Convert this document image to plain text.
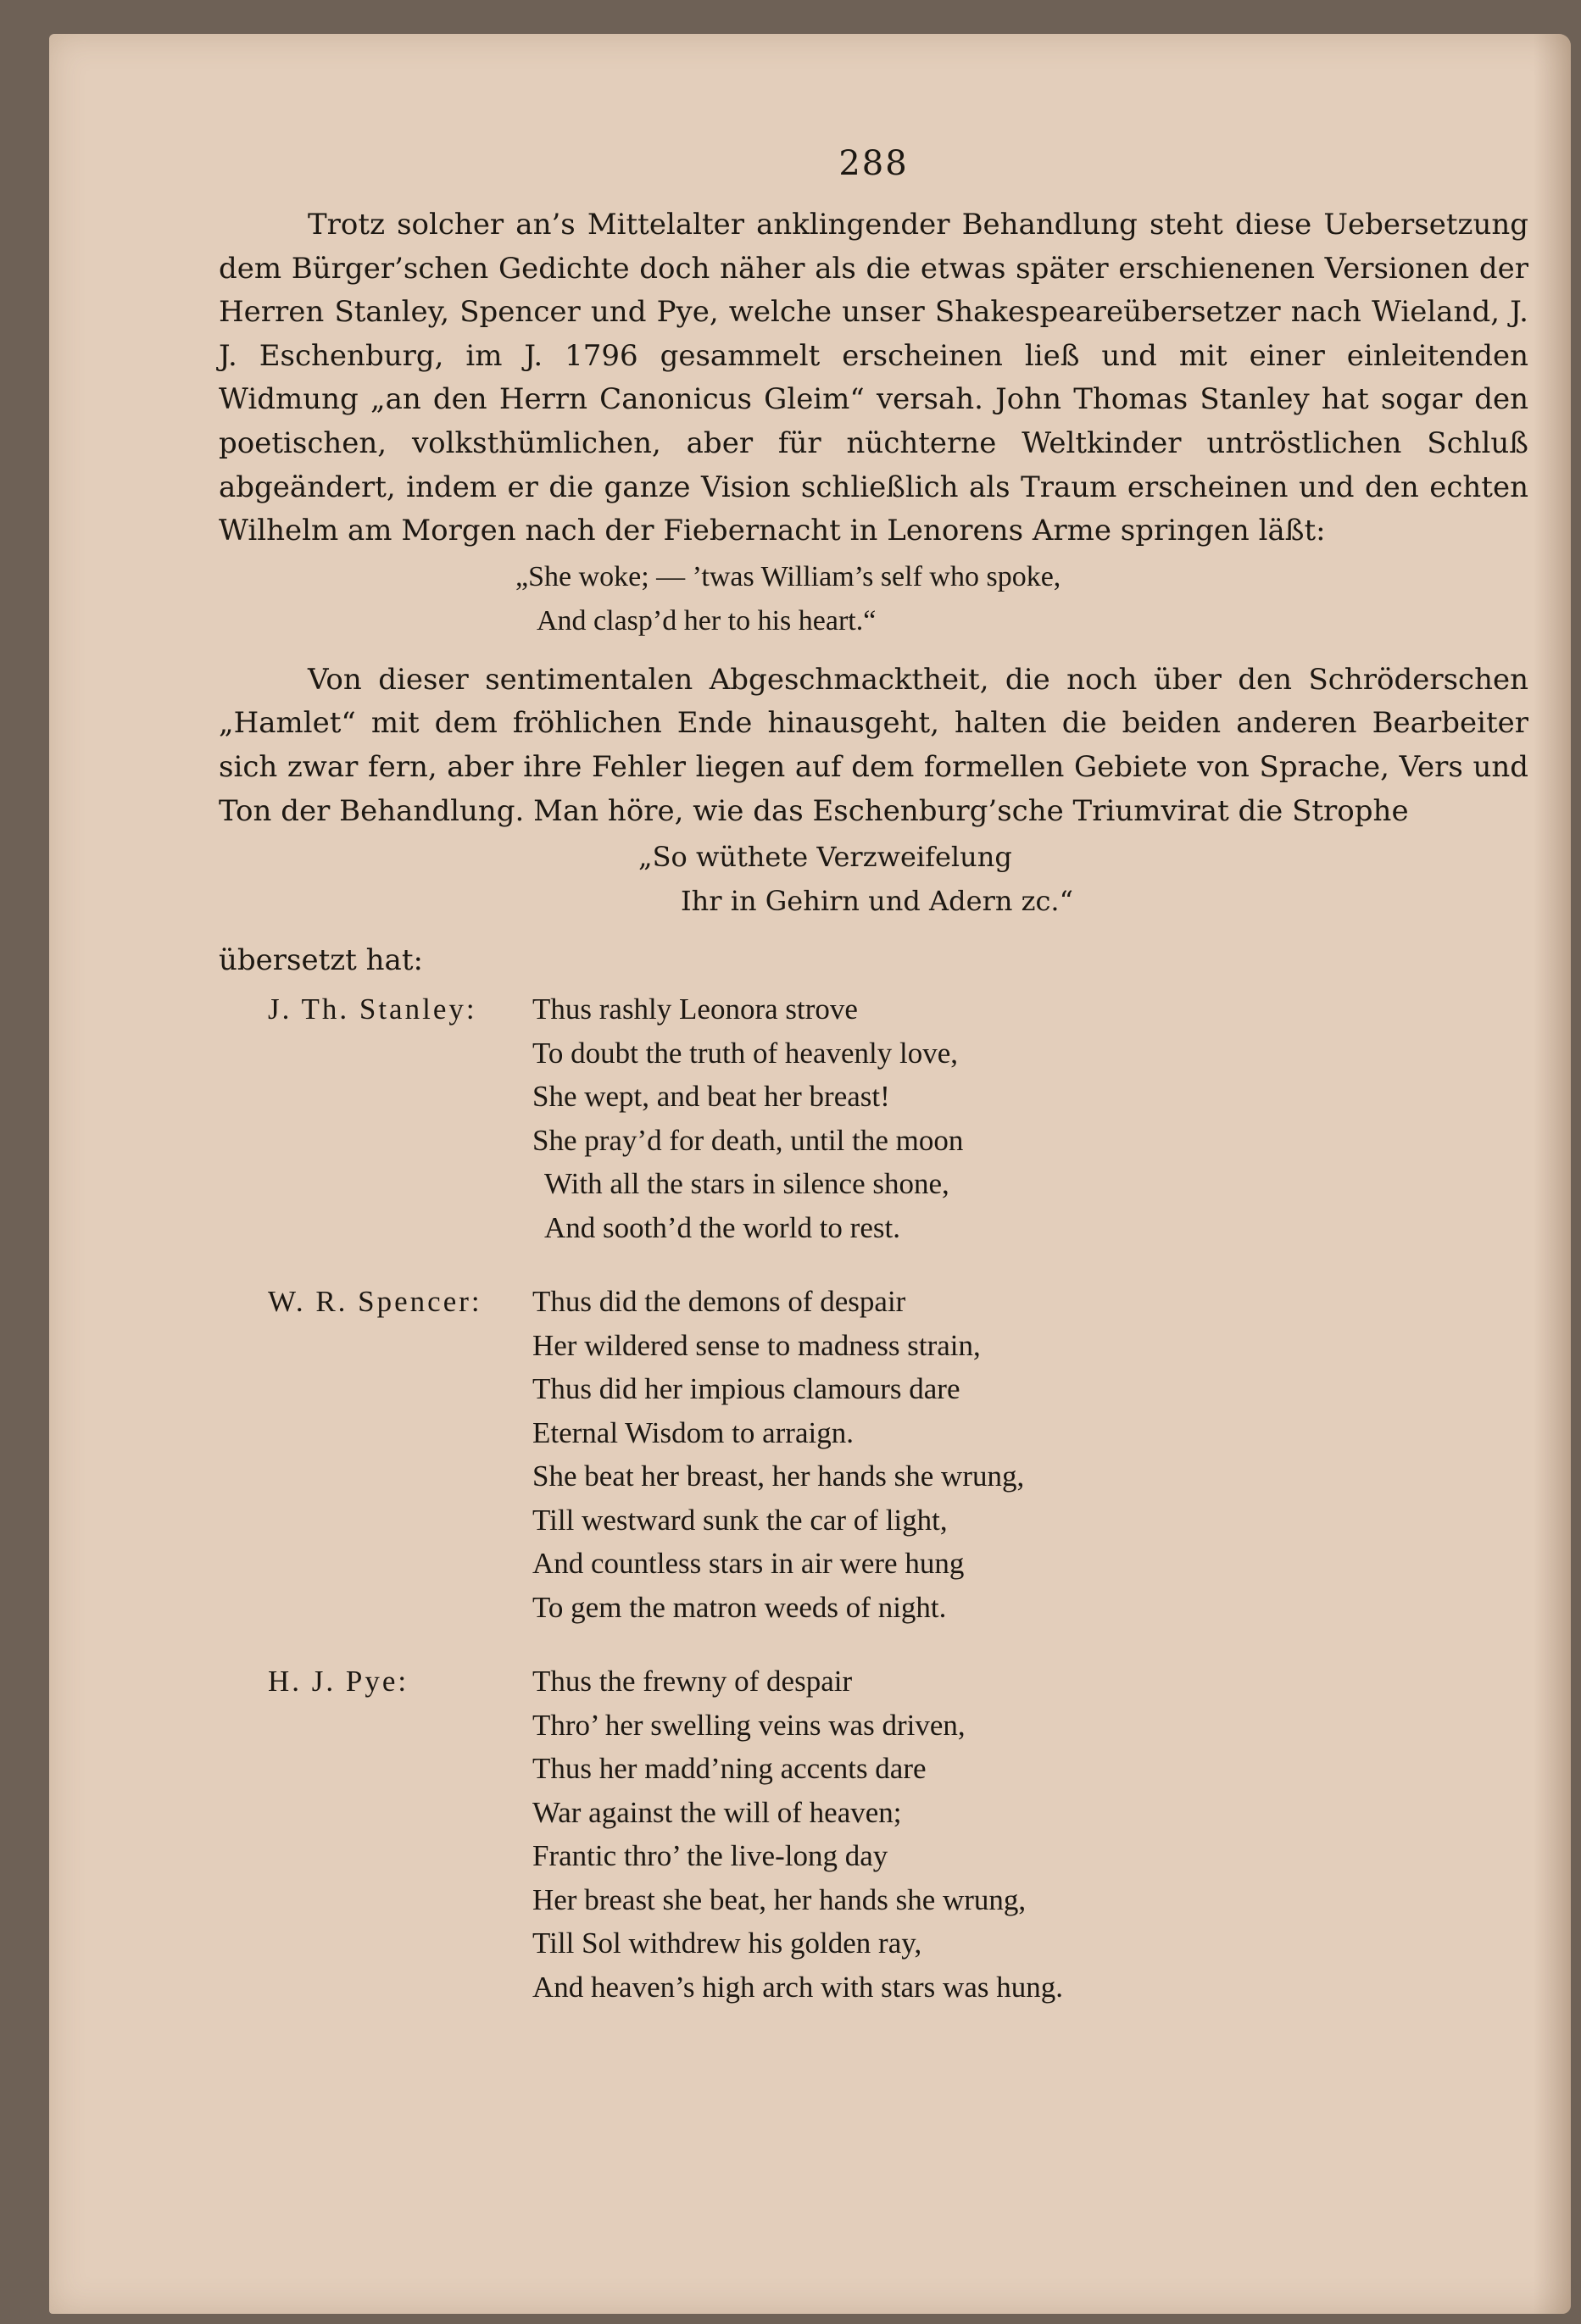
288

Trotz solcher an’s Mittelalter anklingender Behandlung steht diese Uebersetzung dem Bürger’schen Gedichte doch näher als die etwas später erschienenen Versionen der Herren Stanley, Spencer und Pye, welche unser Shakespeareübersetzer nach Wieland, J. J. Eschenburg, im J. 1796 gesammelt erscheinen ließ und mit einer einleitenden Widmung „an den Herrn Canonicus Gleim“ versah. John Thomas Stanley hat sogar den poetischen, volksthümlichen, aber für nüchterne Weltkinder untröstlichen Schluß abgeändert, indem er die ganze Vision schließlich als Traum erscheinen und den echten Wilhelm am Morgen nach der Fiebernacht in Lenorens Arme springen läßt:

„She woke; — ’twas William’s self who spoke,
And clasp’d her to his heart.“

Von dieser sentimentalen Abgeschmacktheit, die noch über den Schröderschen „Hamlet“ mit dem fröhlichen Ende hinausgeht, halten die beiden anderen Bearbeiter sich zwar fern, aber ihre Fehler liegen auf dem formellen Gebiete von Sprache, Vers und Ton der Behandlung. Man höre, wie das Eschenburg’sche Triumvirat die Strophe

„So wüthete Verzweifelung
Ihr in Gehirn und Adern zc.“
übersetzt hat:
J. Th. Stanley:	Thus rashly Leonora strove
To doubt the truth of heavenly love,
She wept, and beat her breast!
She pray’d for death, until the moon
With all the stars in silence shone,
And sooth’d the world to rest.
W. R. Spencer:	Thus did the demons of despair
Her wildered sense to madness strain,
Thus did her impious clamours dare
Eternal Wisdom to arraign.
She beat her breast, her hands she wrung,
Till westward sunk the car of light,
And countless stars in air were hung
To gem the matron weeds of night.
H. J. Pye:	Thus the frewny of despair
Thro’ her swelling veins was driven,
Thus her madd’ning accents dare
War against the will of heaven;
Frantic thro’ the live-long day
Her breast she beat, her hands she wrung,
Till Sol withdrew his golden ray,
And heaven’s high arch with stars was hung.
